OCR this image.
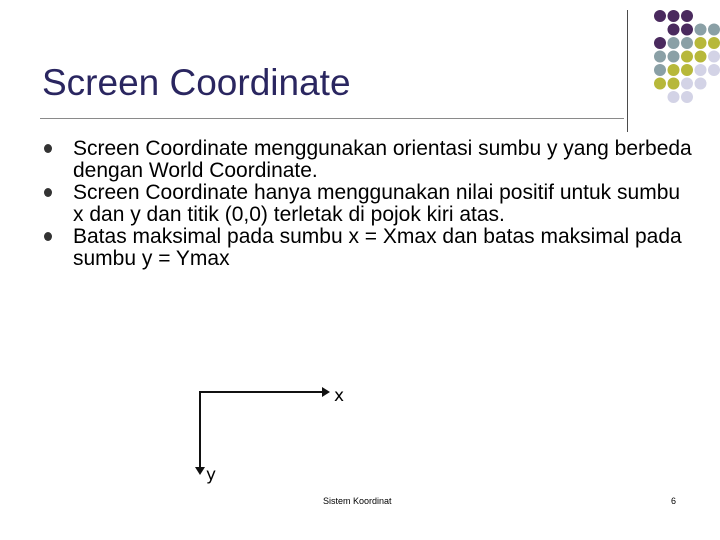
Screen Coordinate
Screen Coordinate menggunakan orientasi sumbu y yang berbeda dengan World Coordinate.
Screen Coordinate hanya menggunakan nilai positif untuk sumbu x dan y dan titik (0,0) terletak di pojok kiri atas.
Batas maksimal pada sumbu x = Xmax dan batas maksimal pada sumbu y = Ymax
x
y
Sistem Koordinat	6
